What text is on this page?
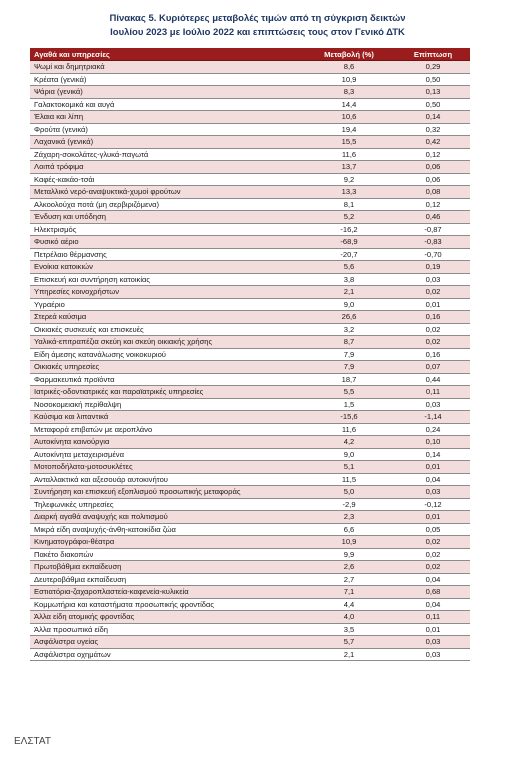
Πίνακας 5. Κυριότερες μεταβολές τιμών από τη σύγκριση δεικτών
Ιουλίου 2023 με Ιούλιο 2022 και επιπτώσεις τους στον Γενικό ΔΤΚ
Αγαθά και υπηρεσίες	Μεταβολή (%)	Επίπτωση
Ψωμί και δημητριακά	8,6	0,29
Κρέατα (γενικά)	10,9	0,50
Ψάρια (γενικά)	8,3	0,13
Γαλακτοκομικά και αυγά	14,4	0,50
Έλαια και λίπη	10,6	0,14
Φρούτα (γενικά)	19,4	0,32
Λαχανικά (γενικά)	15,5	0,42
Ζάχαρη-σοκολάτες-γλυκά-παγωτά	11,6	0,12
Λοιπά τρόφιμα	13,7	0,06
Καφές-κακάο-τσάι	9,2	0,06
Μεταλλικό νερό-αναψυκτικά-χυμοί φρούτων	13,3	0,08
Αλκοολούχα ποτά (μη σερβιριζόμενα)	8,1	0,12
Ένδυση και υπόδηση	5,2	0,46
Ηλεκτρισμός	-16,2	-0,87
Φυσικό αέριο	-68,9	-0,83
Πετρέλαιο θέρμανσης	-20,7	-0,70
Ενοίκια κατοικιών	5,6	0,19
Επισκευή και συντήρηση κατοικίας	3,8	0,03
Υπηρεσίες κοινοχρήστων	2,1	0,02
Υγραέριο	9,0	0,01
Στερεά καύσιμα	26,6	0,16
Οικιακές συσκευές και επισκευές	3,2	0,02
Υαλικά-επιτραπέζια σκεύη και σκεύη οικιακής χρήσης	8,7	0,02
Είδη άμεσης κατανάλωσης νοικοκυριού	7,9	0,16
Οικιακές υπηρεσίες	7,9	0,07
Φαρμακευτικά προϊόντα	18,7	0,44
Ιατρικές-οδοντιατρικές και παραϊατρικές υπηρεσίες	5,5	0,11
Νοσοκομειακή περίθαλψη	1,5	0,03
Καύσιμα και λιπαντικά	-15,6	-1,14
Μεταφορά επιβατών με αεροπλάνο	11,6	0,24
Αυτοκίνητα καινούργια	4,2	0,10
Αυτοκίνητα μεταχειρισμένα	9,0	0,14
Μοτοποδήλατα-μοτοσυκλέτες	5,1	0,01
Ανταλλακτικά και αξεσουάρ αυτοκινήτου	11,5	0,04
Συντήρηση και επισκευή εξοπλισμού προσωπικής μεταφοράς	5,0	0,03
Τηλεφωνικές υπηρεσίες	-2,9	-0,12
Διαρκή αγαθά αναψυχής και πολιτισμού	2,3	0,01
Μικρά είδη αναψυχής-άνθη-κατοικίδια ζώα	6,6	0,05
Κινηματογράφοι-θέατρα	10,9	0,02
Πακέτο διακοπών	9,9	0,02
Πρωτοβάθμια εκπαίδευση	2,6	0,02
Δευτεροβάθμια εκπαίδευση	2,7	0,04
Εστιατόρια-ζαχαροπλαστεία-καφενεία-κυλικεία	7,1	0,68
Κομμωτήρια και καταστήματα προσωπικής φροντίδας	4,4	0,04
Άλλα είδη ατομικής φροντίδας	4,0	0,11
Άλλα προσωπικά είδη	3,5	0,01
Ασφάλιστρα υγείας	5,7	0,03
Ασφάλιστρα οχημάτων	2,1	0,03
ΕΛΣΤΑΤ
